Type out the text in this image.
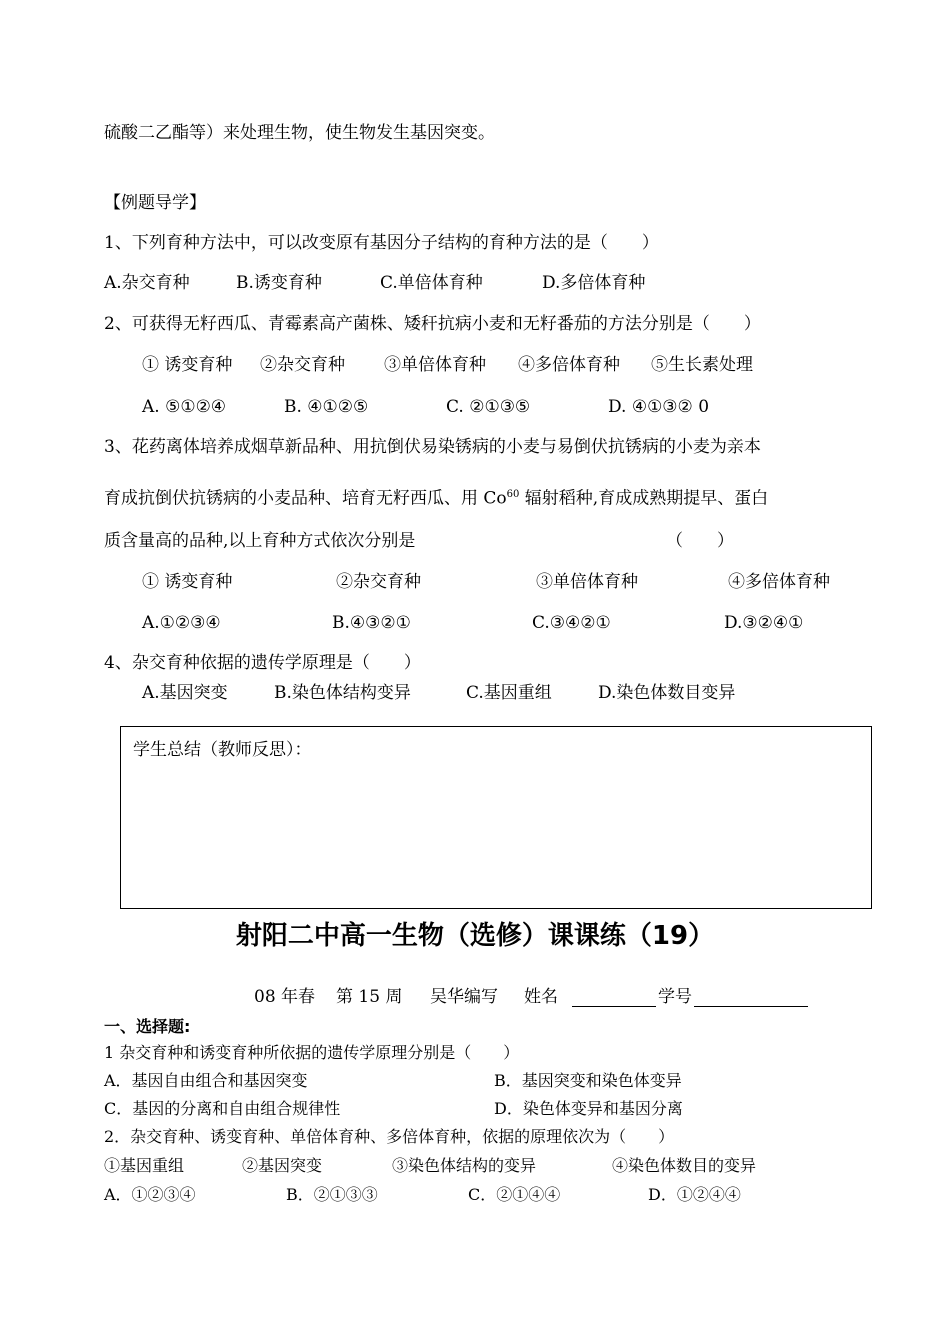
硫酸二乙酯等）来处理生物，使生物发生基因突变。
【例题导学】
1、下列育种方法中，可以改变原有基因分子结构的育种方法的是（　　）
A.杂交育种	B.诱变育种	C.单倍体育种	D.多倍体育种
2、可获得无籽西瓜、青霉素高产菌株、矮秆抗病小麦和无籽番茄的方法分别是（　　）
① 诱变育种 ②杂交育种 ③单倍体育种 ④多倍体育种 ⑤生长素处理
A. ⑤①②④	B. ④①②⑤	C. ②①③⑤	D. ④①③② 0
3、花药离体培养成烟草新品种、用抗倒伏易染锈病的小麦与易倒伏抗锈病的小麦为亲本
育成抗倒伏抗锈病的小麦品种、培育无籽西瓜、用 Co$^{60}$ 辐射稻种,育成成熟期提早、蛋白
质含量高的品种,以上育种方式依次分别是	（　　）
① 诱变育种	②杂交育种	③单倍体育种	④多倍体育种
A.①②③④	B.④③②①	C.③④②①	D.③②④①
4、杂交育种依据的遗传学原理是（　　）
A.基因突变	B.染色体结构变异	C.基因重组	D.染色体数目变异
学生总结（教师反思）：
射阳二中高一生物（选修）课课练（19）
08 年春 第 15 周 吴华编写 姓名	学号
一、选择题:
1 杂交育种和诱变育种所依据的遗传学原理分别是（　　）
A．基因自由组合和基因突变	B．基因突变和染色体变异
C．基因的分离和自由组合规律性	D．染色体变异和基因分离
2．杂交育种、诱变育种、单倍体育种、多倍体育种，依据的原理依次为（　　）
①基因重组	②基因突变	③染色体结构的变异	④染色体数目的变异
A．①②③④	B．②①③③	C．②①④④	D．①②④④
